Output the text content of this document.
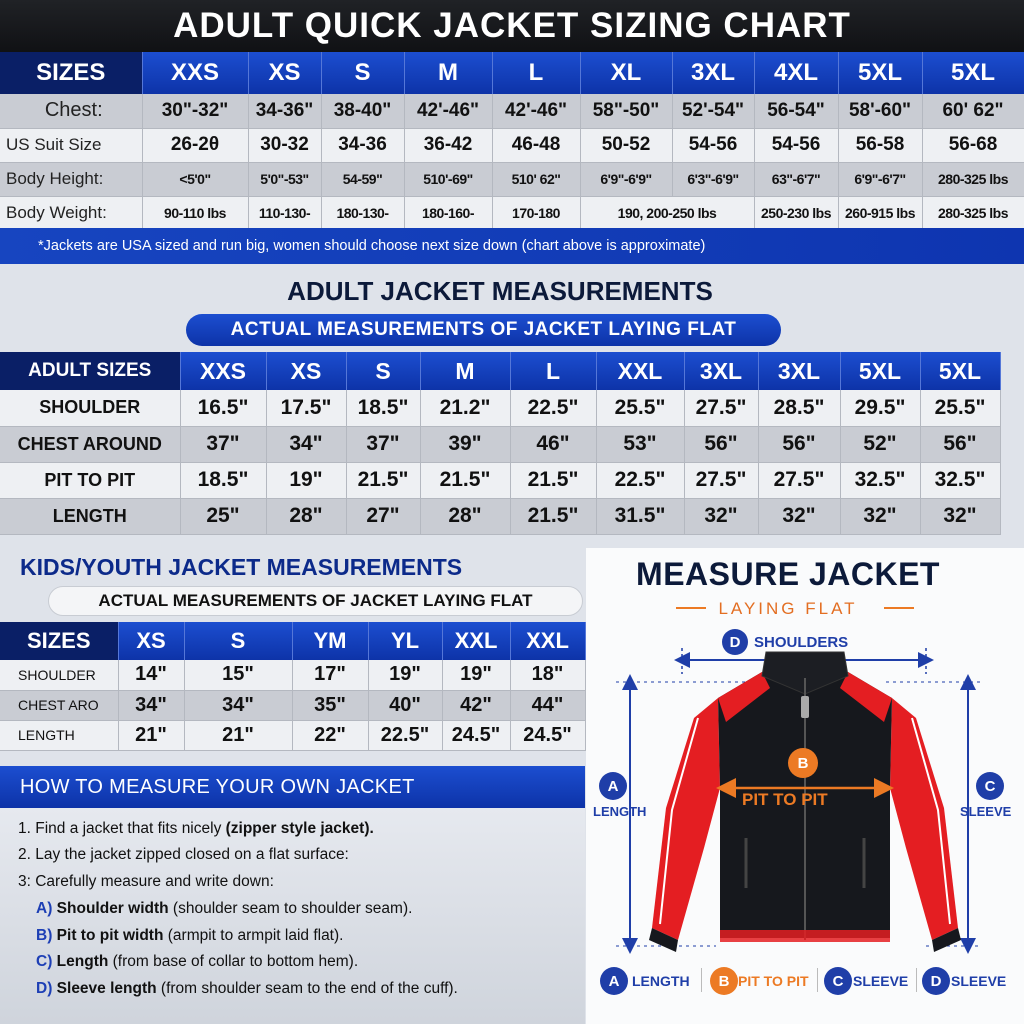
ADULT QUICK JACKET SIZING CHART
SIZES	XXS	XS	S	M	L	XL	3XL	4XL	5XL	5XL
Chest:	30"-32"	34-36"	38-40"	42'-46"	42'-46"	58"-50"	52'-54"	56-54"	58'-60"	60' 62"
US Suit Size	26-2θ	30-32	34-36	36-42	46-48	50-52	54-56	54-56	56-58	56-68
Body Height:	<5'0"	5'0"-53"	54-59"	510'-69"	510' 62"	6'9"-6'9"	6'3"-6'9"	63"-6'7"	6'9"-6'7"	280-325 lbs
Body Weight:	90-110 lbs	110-130-	180-130-	180-160-	170-180	190, 200-250 lbs		250-230 lbs	260-915 lbs	280-325 lbs
*Jackets are USA sized and run big, women should choose next size down (chart above is approximate)
ADULT JACKET MEASUREMENTS
ACTUAL MEASUREMENTS OF JACKET LAYING FLAT
ADULT SIZES	XXS	XS	S	M	L	XXL	3XL	3XL	5XL	5XL
SHOULDER	16.5"	17.5"	18.5"	21.2"	22.5"	25.5"	27.5"	28.5"	29.5"	25.5"
CHEST AROUND	37"	34"	37"	39"	46"	53"	56"	56"	52"	56"
PIT TO PIT	18.5"	19"	21.5"	21.5"	21.5"	22.5"	27.5"	27.5"	32.5"	32.5"
LENGTH	25"	28"	27"	28"	21.5"	31.5"	32"	32"	32"	32"
KIDS/YOUTH JACKET MEASUREMENTS
ACTUAL MEASUREMENTS OF JACKET LAYING FLAT
SIZES	XS	S	YM	YL	XXL	XXL
SHOULDER	14"	15"	17"	19"	19"	18"
CHEST ARO	34"	34"	35"	40"	42"	44"
LENGTH	21"	21"	22"	22.5"	24.5"	24.5"
HOW TO MEASURE YOUR OWN JACKET
1. Find a jacket that fits nicely (zipper style jacket).
2. Lay the jacket zipped closed on a flat surface:
3: Carefully measure and write down:
A) Shoulder width (shoulder seam to shoulder seam).
B) Pit to pit width (armpit to armpit laid flat).
C) Length (from base of collar to bottom hem).
D) Sleeve length (from shoulder seam to the end of the cuff).
MEASURE JACKET
LAYING FLAT
D SHOULDERS
B
PIT TO PIT
A
LENGTH
C
SLEEVE
A LENGTH	B PIT TO PIT	C SLEEVE	D SLEEVE
